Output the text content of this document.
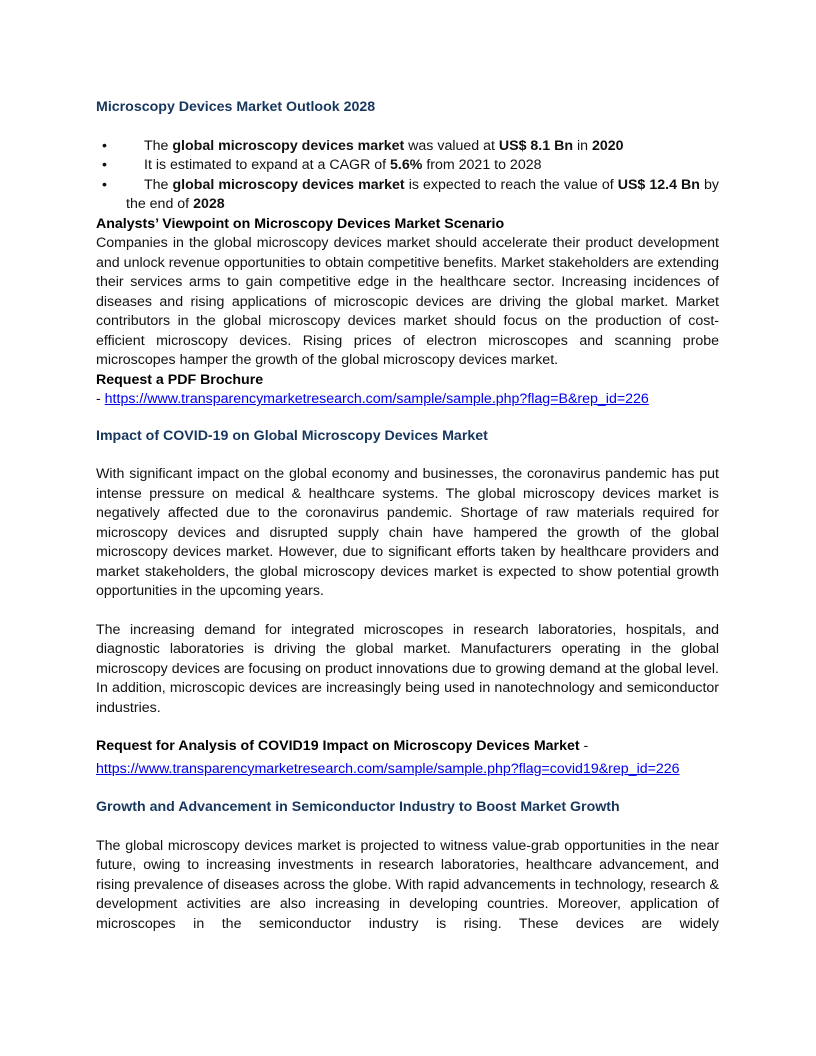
Microscopy Devices Market Outlook 2028
•	The global microscopy devices market was valued at US$ 8.1 Bn in 2020
•	It is estimated to expand at a CAGR of 5.6% from 2021 to 2028
•	The global microscopy devices market is expected to reach the value of US$ 12.4 Bn by the end of 2028
Analysts’ Viewpoint on Microscopy Devices Market Scenario

Companies in the global microscopy devices market should accelerate their product development and unlock revenue opportunities to obtain competitive benefits. Market stakeholders are extending their services arms to gain competitive edge in the healthcare sector. Increasing incidences of diseases and rising applications of microscopic devices are driving the global market. Market contributors in the global microscopy devices market should focus on the production of cost-efficient microscopy devices. Rising prices of electron microscopes and scanning probe microscopes hamper the growth of the global microscopy devices market.

Request a PDF Brochure
- https://www.transparencymarketresearch.com/sample/sample.php?flag=B&rep_id=226
Impact of COVID-19 on Global Microscopy Devices Market

With significant impact on the global economy and businesses, the coronavirus pandemic has put intense pressure on medical & healthcare systems. The global microscopy devices market is negatively affected due to the coronavirus pandemic. Shortage of raw materials required for microscopy devices and disrupted supply chain have hampered the growth of the global microscopy devices market. However, due to significant efforts taken by healthcare providers and market stakeholders, the global microscopy devices market is expected to show potential growth opportunities in the upcoming years.

The increasing demand for integrated microscopes in research laboratories, hospitals, and diagnostic laboratories is driving the global market. Manufacturers operating in the global microscopy devices are focusing on product innovations due to growing demand at the global level. In addition, microscopic devices are increasingly being used in nanotechnology and semiconductor industries.

Request for Analysis of COVID19 Impact on Microscopy Devices Market -
https://www.transparencymarketresearch.com/sample/sample.php?flag=covid19&rep_id=226
Growth and Advancement in Semiconductor Industry to Boost Market Growth

The global microscopy devices market is projected to witness value-grab opportunities in the near future, owing to increasing investments in research laboratories, healthcare advancement, and rising prevalence of diseases across the globe. With rapid advancements in technology, research & development activities are also increasing in developing countries. Moreover, application of microscopes in the semiconductor industry is rising. These devices are widely
